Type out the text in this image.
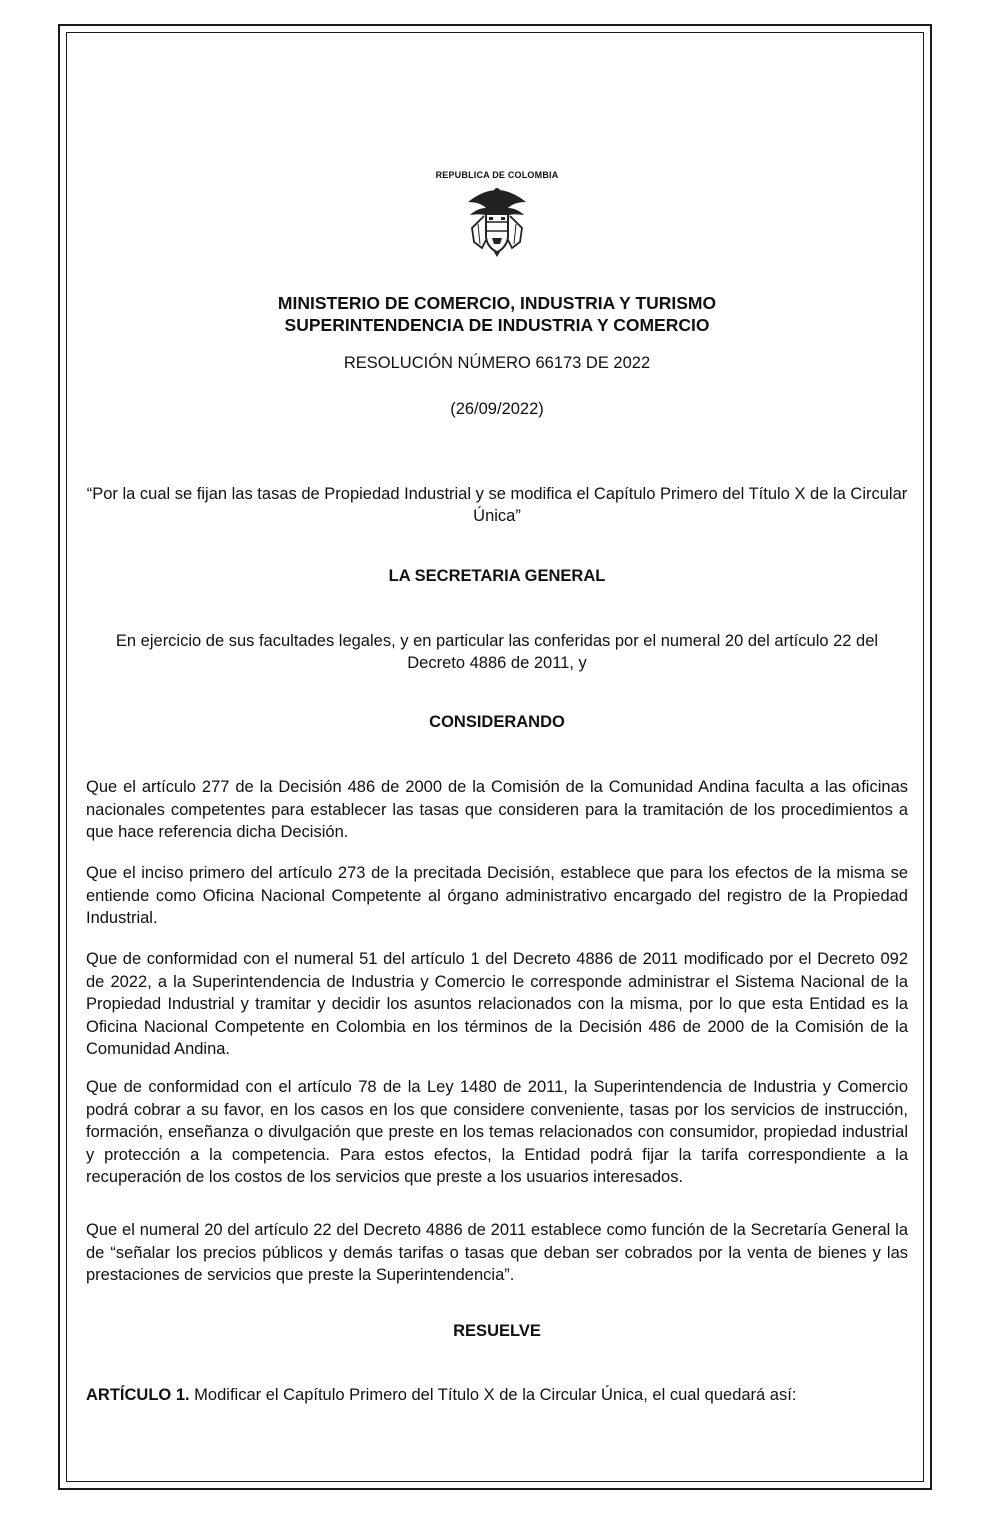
REPUBLICA DE COLOMBIA
MINISTERIO DE COMERCIO, INDUSTRIA Y TURISMO
SUPERINTENDENCIA DE INDUSTRIA Y COMERCIO
RESOLUCIÓN NÚMERO 66173 DE 2022
(26/09/2022)
“Por la cual se fijan las tasas de Propiedad Industrial y se modifica el Capítulo Primero del Título X de la Circular Única”
LA SECRETARIA GENERAL
En ejercicio de sus facultades legales, y en particular las conferidas por el numeral 20 del artículo 22 del Decreto 4886 de 2011, y
CONSIDERANDO
Que el artículo 277 de la Decisión 486 de 2000 de la Comisión de la Comunidad Andina faculta a las oficinas nacionales competentes para establecer las tasas que consideren para la tramitación de los procedimientos a que hace referencia dicha Decisión.
Que el inciso primero del artículo 273 de la precitada Decisión, establece que para los efectos de la misma se entiende como Oficina Nacional Competente al órgano administrativo encargado del registro de la Propiedad Industrial.
Que de conformidad con el numeral 51 del artículo 1 del Decreto 4886 de 2011 modificado por el Decreto 092 de 2022, a la Superintendencia de Industria y Comercio le corresponde administrar el Sistema Nacional de la Propiedad Industrial y tramitar y decidir los asuntos relacionados con la misma, por lo que esta Entidad es la Oficina Nacional Competente en Colombia en los términos de la Decisión 486 de 2000 de la Comisión de la Comunidad Andina.
Que de conformidad con el artículo 78 de la Ley 1480 de 2011, la Superintendencia de Industria y Comercio podrá cobrar a su favor, en los casos en los que considere conveniente, tasas por los servicios de instrucción, formación, enseñanza o divulgación que preste en los temas relacionados con consumidor, propiedad industrial y protección a la competencia. Para estos efectos, la Entidad podrá fijar la tarifa correspondiente a la recuperación de los costos de los servicios que preste a los usuarios interesados.
Que el numeral 20 del artículo 22 del Decreto 4886 de 2011 establece como función de la Secretaría General la de “señalar los precios públicos y demás tarifas o tasas que deban ser cobrados por la venta de bienes y las prestaciones de servicios que preste la Superintendencia”.
RESUELVE
ARTÍCULO 1. Modificar el Capítulo Primero del Título X de la Circular Única, el cual quedará así:
